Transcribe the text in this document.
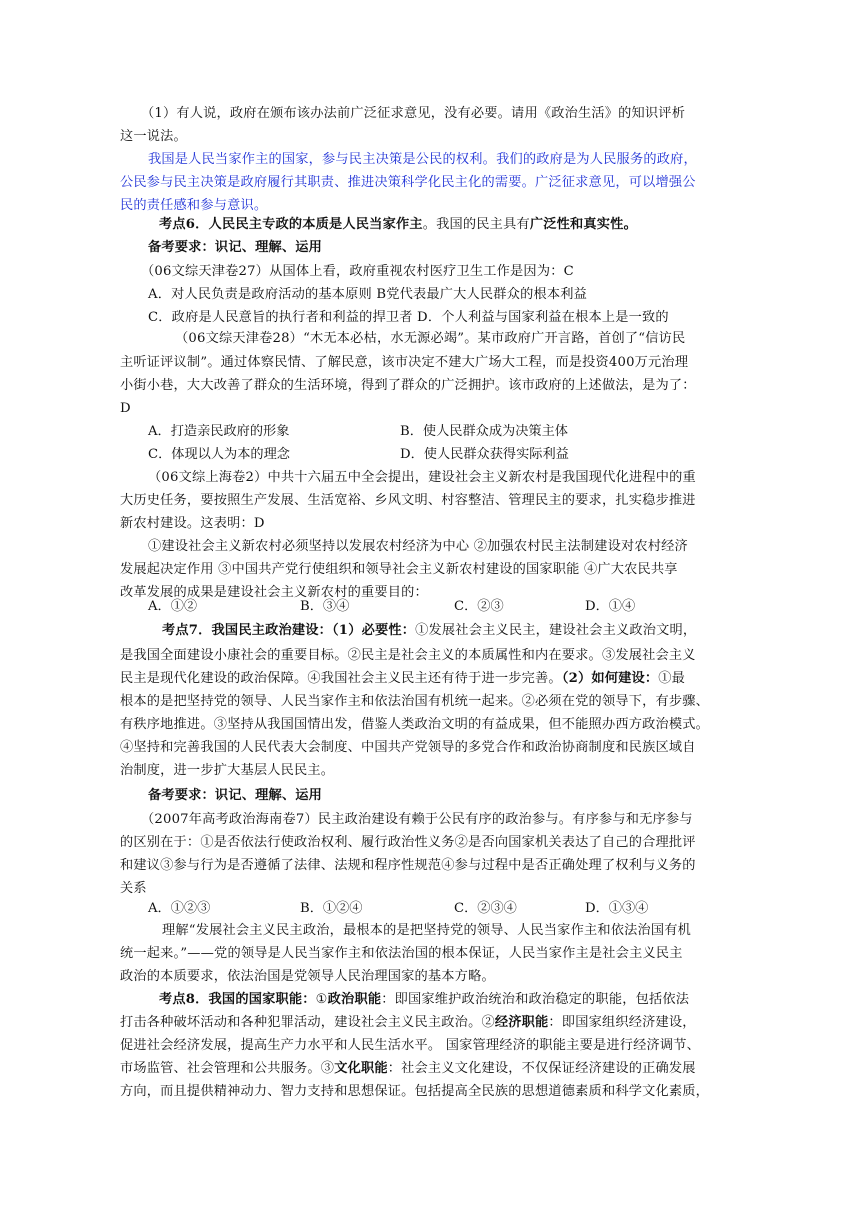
（1）有人说，政府在颁布该办法前广泛征求意见，没有必要。请用《政治生活》的知识评析
这一说法。
我国是人民当家作主的国家，参与民主决策是公民的权利。我们的政府是为人民服务的政府，
公民参与民主决策是政府履行其职责、推进决策科学化民主化的需要。广泛征求意见，可以增强公
民的责任感和参与意识。
考点6．人民民主专政的本质是人民当家作主。我国的民主具有广泛性和真实性。
备考要求：识记、理解、运用
（06文综天津卷27）从国体上看，政府重视农村医疗卫生工作是因为：C
A．对人民负责是政府活动的基本原则 B党代表最广大人民群众的根本利益
C．政府是人民意旨的执行者和利益的捍卫者 D．个人利益与国家利益在根本上是一致的
（06文综天津卷28）“木无本必枯，水无源必竭”。某市政府广开言路，首创了“信访民
主听证评议制”。通过体察民情、了解民意，该市决定不建大广场大工程，而是投资400万元治理
小街小巷，大大改善了群众的生活环境，得到了群众的广泛拥护。该市政府的上述做法，是为了：
D
A．打造亲民政府的形象	B．使人民群众成为决策主体
C．体现以人为本的理念	D．使人民群众获得实际利益
（06文综上海卷2）中共十六届五中全会提出，建设社会主义新农村是我国现代化进程中的重
大历史任务，要按照生产发展、生活宽裕、乡风文明、村容整洁、管理民主的要求，扎实稳步推进
新农村建设。这表明：D
①建设社会主义新农村必须坚持以发展农村经济为中心 ②加强农村民主法制建设对农村经济
发展起决定作用 ③中国共产党行使组织和领导社会主义新农村建设的国家职能 ④广大农民共享
改革发展的成果是建设社会主义新农村的重要目的：
A．①②	B．③④	C．②③	D．①④
考点7．我国民主政治建设：（1）必要性：①发展社会主义民主，建设社会主义政治文明，
是我国全面建设小康社会的重要目标。②民主是社会主义的本质属性和内在要求。③发展社会主义
民主是现代化建设的政治保障。④我国社会主义民主还有待于进一步完善。（2）如何建设：①最
根本的是把坚持党的领导、人民当家作主和依法治国有机统一起来。②必须在党的领导下，有步骤、
有秩序地推进。③坚持从我国国情出发，借鉴人类政治文明的有益成果，但不能照办西方政治模式。
④坚持和完善我国的人民代表大会制度、中国共产党领导的多党合作和政治协商制度和民族区域自
治制度，进一步扩大基层人民民主。
备考要求：识记、理解、运用
（2007年高考政治海南卷7）民主政治建设有赖于公民有序的政治参与。有序参与和无序参与
的区别在于：①是否依法行使政治权利、履行政治性义务②是否向国家机关表达了自己的合理批评
和建议③参与行为是否遵循了法律、法规和程序性规范④参与过程中是否正确处理了权利与义务的
关系
A．①②③	B．①②④	C．②③④	D．①③④
理解“发展社会主义民主政治，最根本的是把坚持党的领导、人民当家作主和依法治国有机
统一起来。”——党的领导是人民当家作主和依法治国的根本保证，人民当家作主是社会主义民主
政治的本质要求，依法治国是党领导人民治理国家的基本方略。
考点8．我国的国家职能：①政治职能：即国家维护政治统治和政治稳定的职能，包括依法
打击各种破坏活动和各种犯罪活动，建设社会主义民主政治。②经济职能：即国家组织经济建设，
促进社会经济发展，提高生产力水平和人民生活水平。 国家管理经济的职能主要是进行经济调节、
市场监管、社会管理和公共服务。③文化职能：社会主义文化建设，不仅保证经济建设的正确发展
方向，而且提供精神动力、智力支持和思想保证。包括提高全民族的思想道德素质和科学文化素质，
